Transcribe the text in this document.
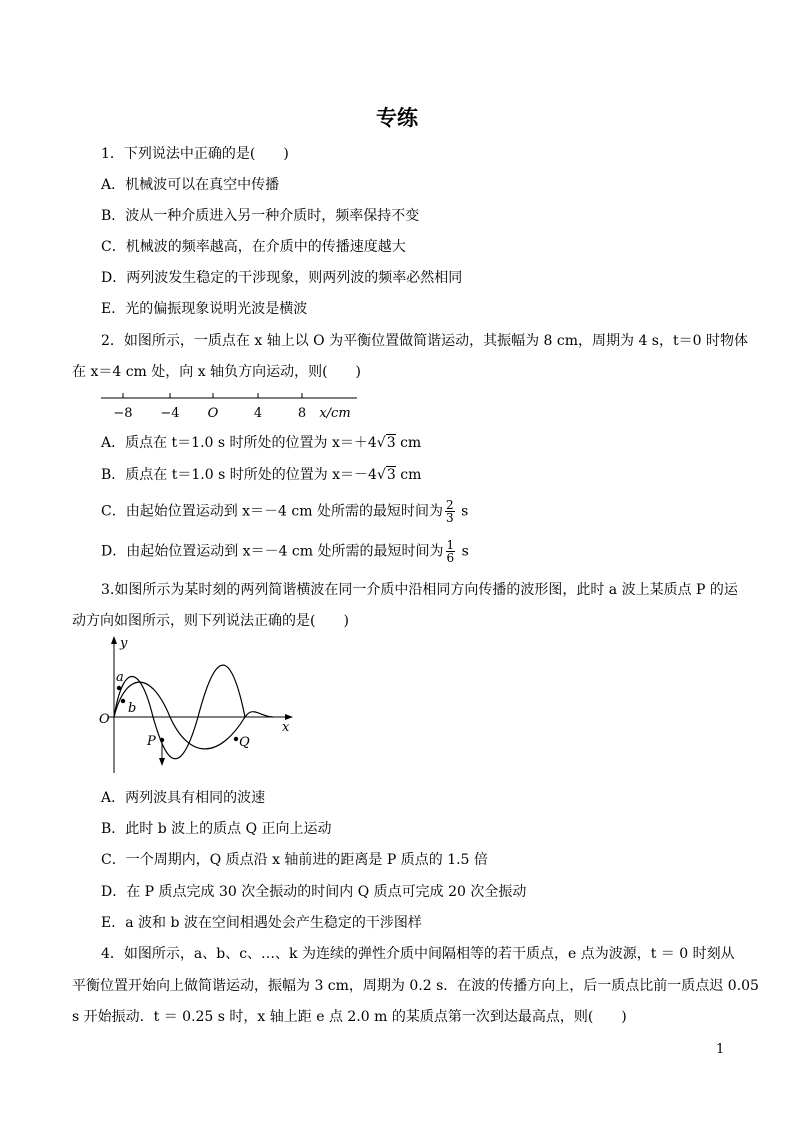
专练
1．下列说法中正确的是(　　)
A．机械波可以在真空中传播
B．波从一种介质进入另一种介质时，频率保持不变
C．机械波的频率越高，在介质中的传播速度越大
D．两列波发生稳定的干涉现象，则两列波的频率必然相同
E．光的偏振现象说明光波是横波
2．如图所示，一质点在 x 轴上以 O 为平衡位置做简谐运动，其振幅为 8 cm，周期为 4 s，t＝0 时物体
在 x＝4 cm 处，向 x 轴负方向运动，则(　　)
−8 −4 O	4	8 x/cm
A．质点在 t＝1.0 s 时所处的位置为 x＝＋4√3 cm
B．质点在 t＝1.0 s 时所处的位置为 x＝－4√3 cm
C．由起始位置运动到 x＝－4 cm 处所需的最短时间为 $\frac{2}{3}$ s
D．由起始位置运动到 x＝－4 cm 处所需的最短时间为 $\frac{1}{6}$ s
3.如图所示为某时刻的两列简谐横波在同一介质中沿相同方向传播的波形图，此时 a 波上某质点 P 的运
动方向如图所示，则下列说法正确的是(　　)
y
x
O
a
b
P	Q
A．两列波具有相同的波速
B．此时 b 波上的质点 Q 正向上运动
C．一个周期内，Q 质点沿 x 轴前进的距离是 P 质点的 1.5 倍
D．在 P 质点完成 30 次全振动的时间内 Q 质点可完成 20 次全振动
E．a 波和 b 波在空间相遇处会产生稳定的干涉图样
4．如图所示，a、b、c、…、k 为连续的弹性介质中间隔相等的若干质点，e 点为波源，t ＝ 0 时刻从
平衡位置开始向上做简谐运动，振幅为 3 cm，周期为 0.2 s．在波的传播方向上，后一质点比前一质点迟 0.05
s 开始振动．t ＝ 0.25 s 时，x 轴上距 e 点 2.0 m 的某质点第一次到达最高点，则(　　)
1
